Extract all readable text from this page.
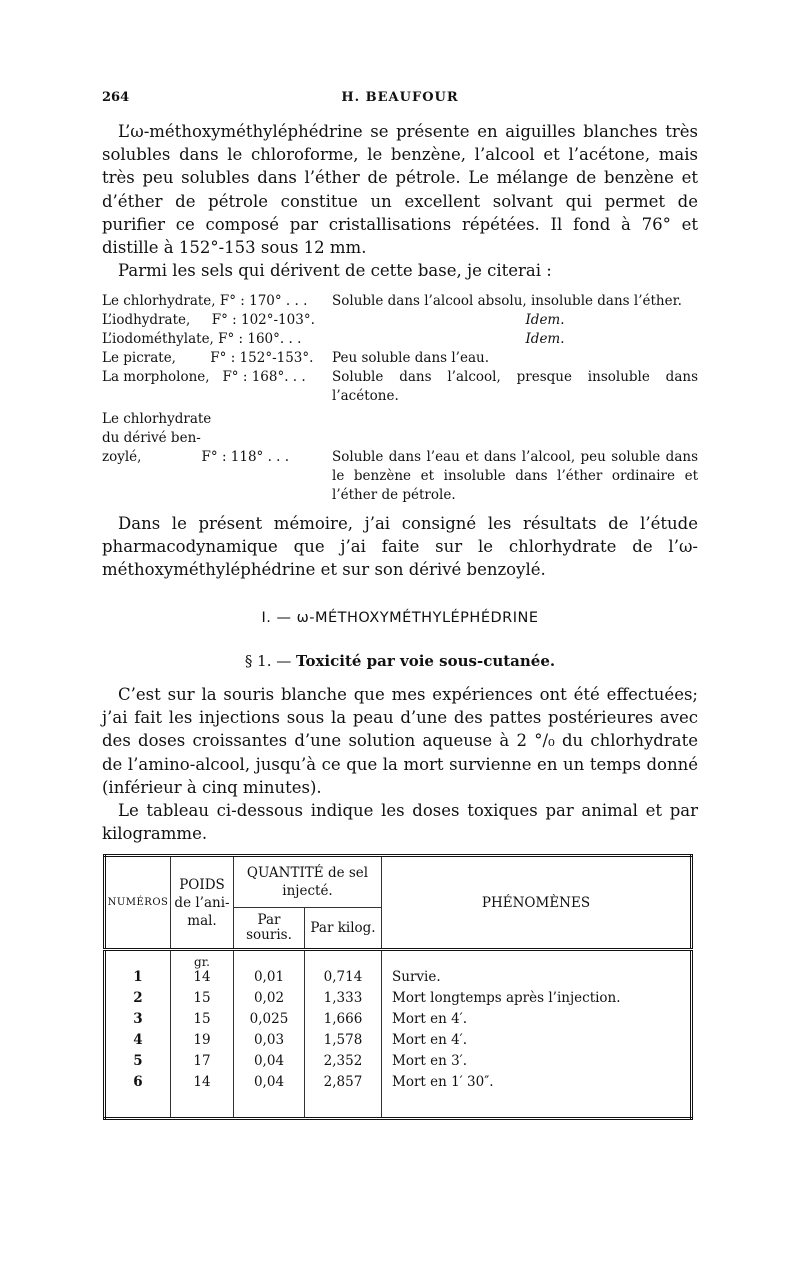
264	H. BEAUFOUR

L’ω-méthoxyméthyléphédrine se présente en aiguilles blanches très solubles dans le chloroforme, le benzène, l’alcool et l’acétone, mais très peu solubles dans l’éther de pétrole. Le mélange de benzène et d’éther de pétrole constitue un excellent solvant qui permet de purifier ce composé par cristallisations répétées. Il fond à 76° et distille à 152°-153 sous 12 mm.

Parmi les sels qui dérivent de cette base, je citerai :

Le chlorhydrate, F° : 170° . . .	Soluble dans l’alcool absolu, insoluble dans l’éther.
L’iodhydrate,     F° : 102°-103°.	Idem.
L’iodométhylate, F° : 160°. . .	Idem.
Le picrate,        F° : 152°-153°.	Peu soluble dans l’eau.
La morpholone,   F° : 168°. . .	Soluble dans l’alcool, presque insoluble dans l’acétone.
Le chlorhydrate
du dérivé ben-
zoylé,              F° : 118° . . .	Soluble dans l’eau et dans l’alcool, peu soluble dans le benzène et insoluble dans l’éther ordinaire et l’éther de pétrole.

Dans le présent mémoire, j’ai consigné les résultats de l’étude pharmacodynamique que j’ai faite sur le chlorhydrate de l’ω-méthoxyméthyléphédrine et sur son dérivé benzoylé.

I. — ω-MÉTHOXYMÉTHYLÉPHÉDRINE
§ 1. — Toxicité par voie sous-cutanée.

C’est sur la souris blanche que mes expériences ont été effectuées; j’ai fait les injections sous la peau d’une des pattes postérieures avec des doses croissantes d’une solution aqueuse à 2 °/₀ du chlorhydrate de l’amino-alcool, jusqu’à ce que la mort survienne en un temps donné (inférieur à cinq minutes).

Le tableau ci-dessous indique les doses toxiques par animal et par kilogramme.

NUMÉROS	POIDS de l’ani- mal.	QUANTITÉ de sel injecté.		PHÉNOMÈNES
		Par souris.	Par kilog.	

	gr.			
1	14	0,01	0,714	Survie.
2	15	0,02	1,333	Mort longtemps après l’injection.
3	15	0,025	1,666	Mort en 4′.
4	19	0,03	1,578	Mort en 4′.
5	17	0,04	2,352	Mort en 3′.
6	14	0,04	2,857	Mort en 1′ 30″.
